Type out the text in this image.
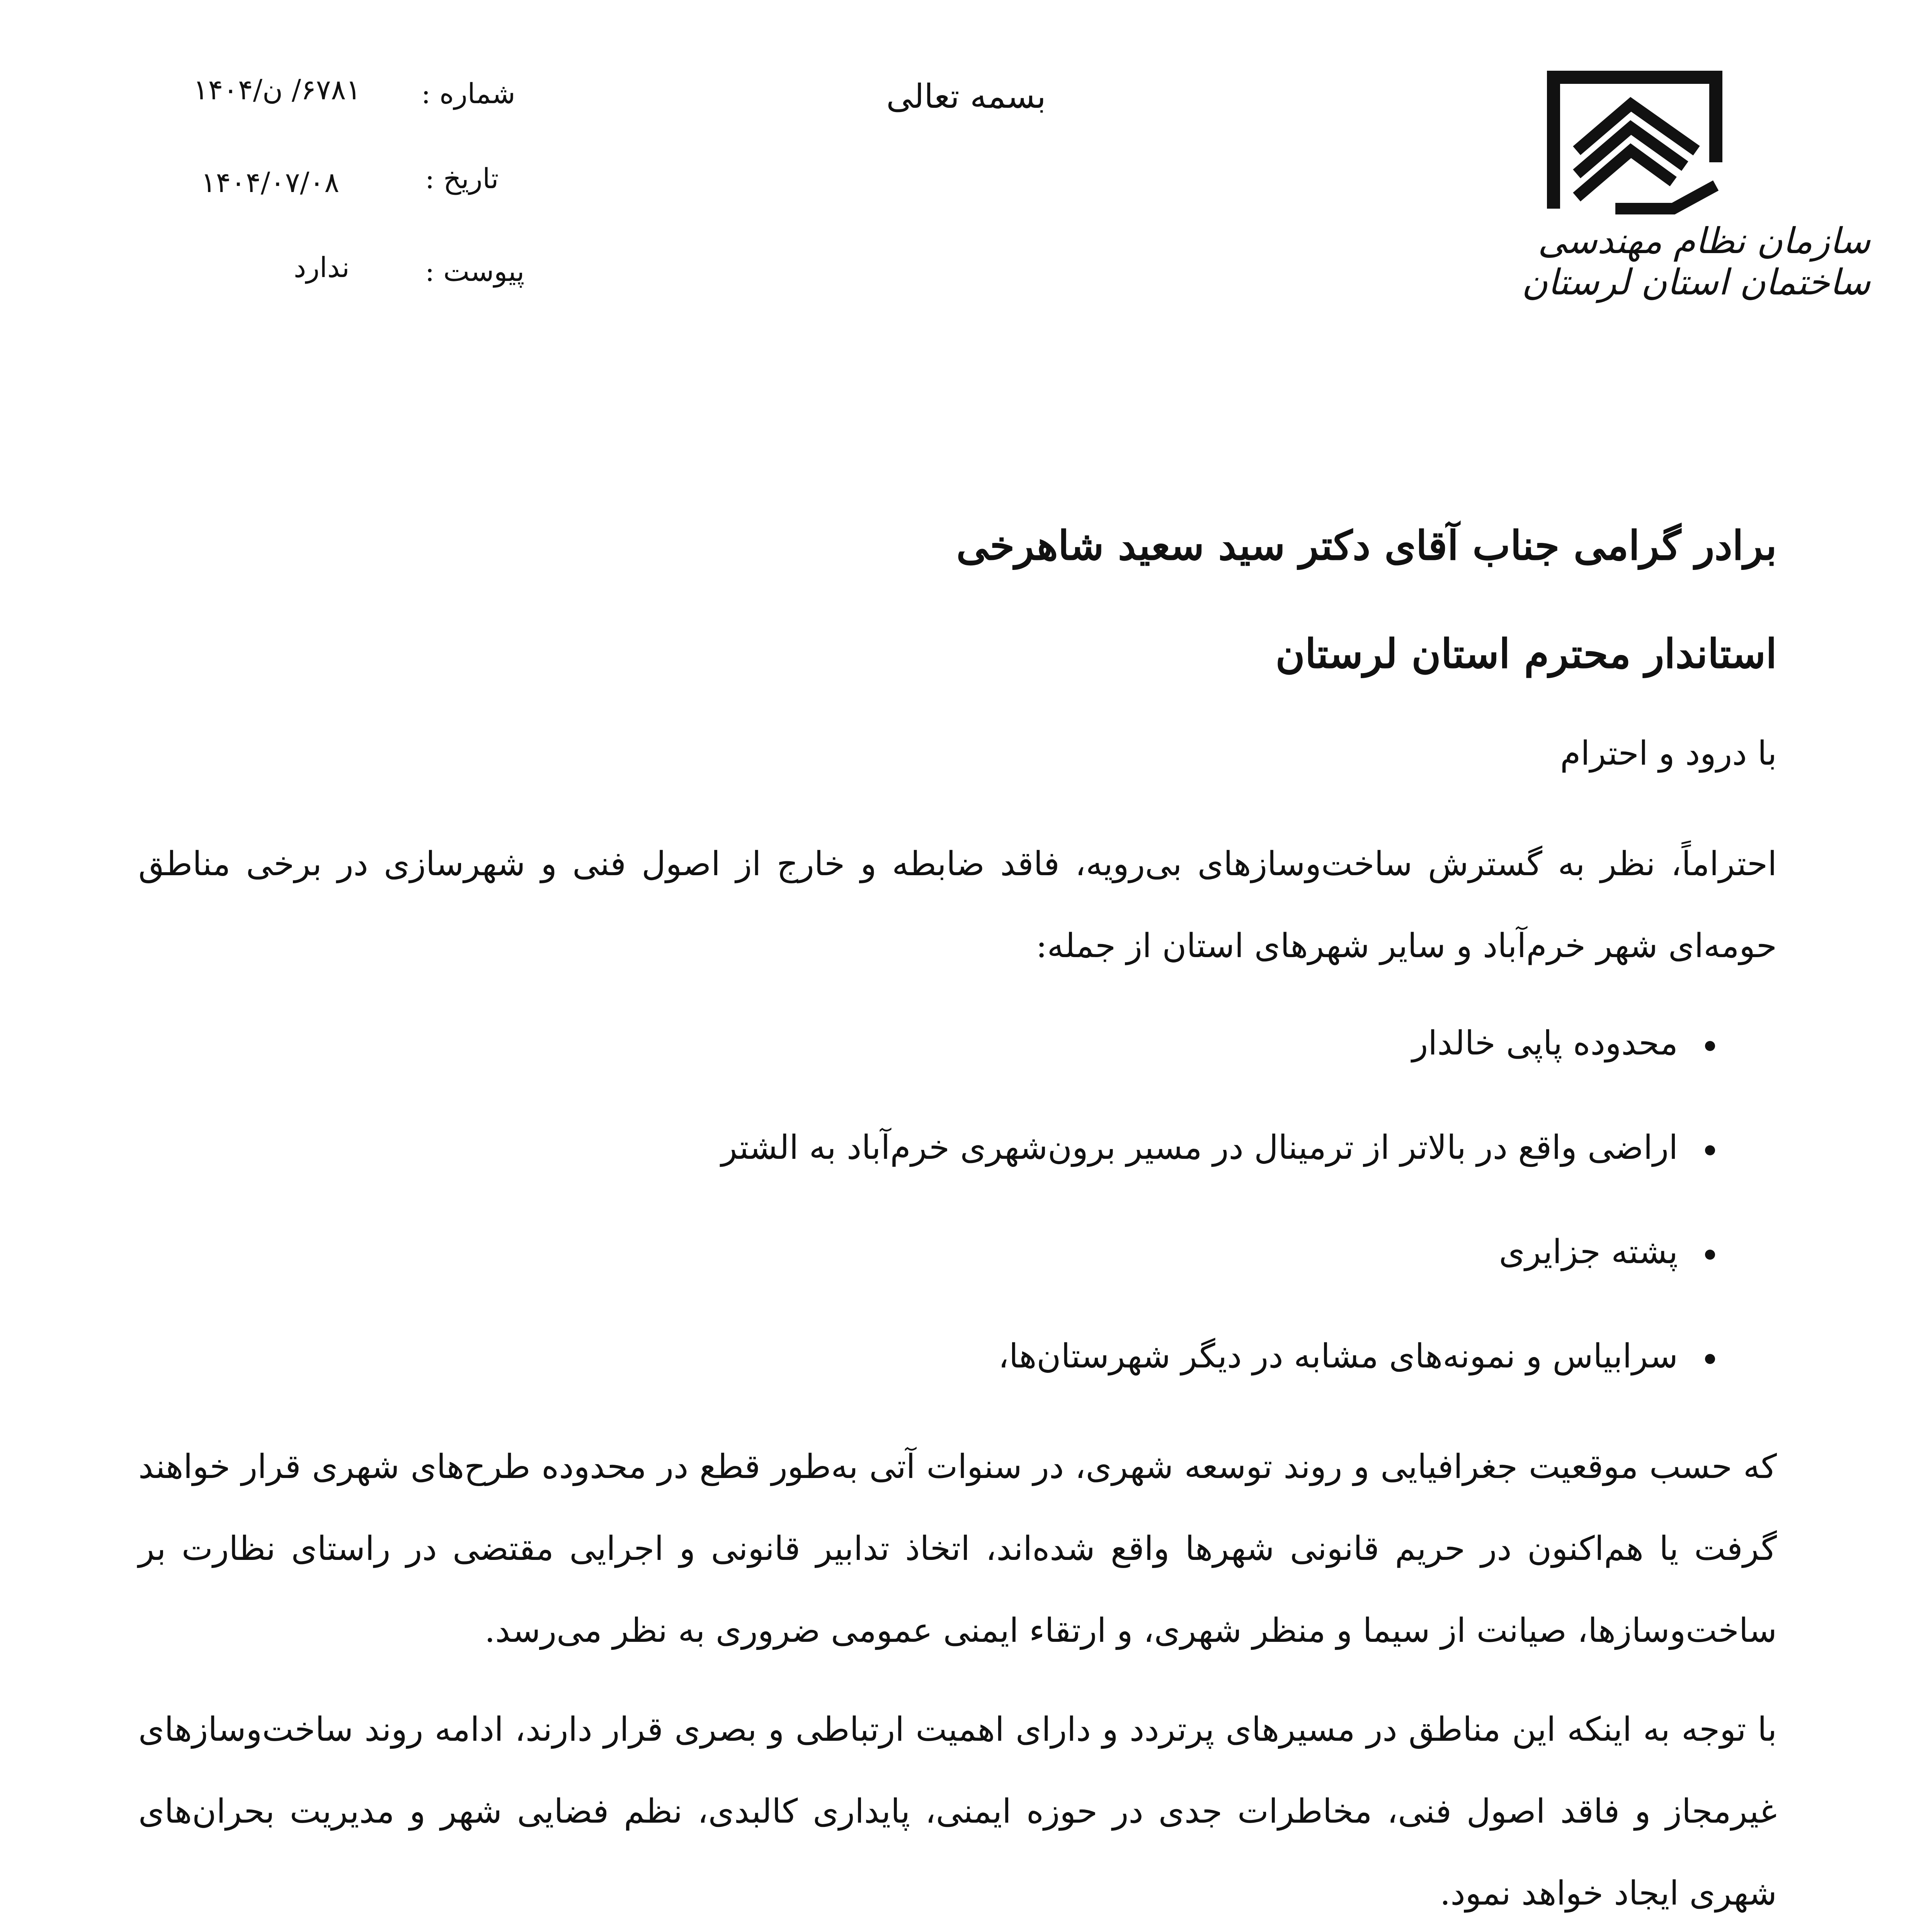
سازمان نظام مهندسی ساختمان استان لرستان
بسمه تعالی
شماره :
۶۷۸۱/ ن/۱۴۰۴
تاریخ :
۱۴۰۴/۰۷/۰۸
پیوست :
ندارد
برادر گرامی جناب آقای دکتر سید سعید شاهرخی
استاندار محترم استان لرستان
با درود و احترام
احتراماً، نظر به گسترش ساخت‌وسازهای بی‌رویه، فاقد ضابطه و خارج از اصول فنی و شهرسازی در برخی مناطق حومه‌ای شهر خرم‌آباد و سایر شهرهای استان از جمله:
محدوده پاپی خالدار
اراضی واقع در بالاتر از ترمینال در مسیر برون‌شهری خرم‌آباد به الشتر
پشته جزایری
سرابیاس و نمونه‌های مشابه در دیگر شهرستان‌ها،
که حسب موقعیت جغرافیایی و روند توسعه شهری، در سنوات آتی به‌طور قطع در محدوده طرح‌های شهری قرار خواهند گرفت یا هم‌اکنون در حریم قانونی شهرها واقع شده‌اند، اتخاذ تدابیر قانونی و اجرایی مقتضی در راستای نظارت بر ساخت‌وسازها، صیانت از سیما و منظر شهری، و ارتقاء ایمنی عمومی ضروری به نظر می‌رسد.
با توجه به اینکه این مناطق در مسیرهای پرتردد و دارای اهمیت ارتباطی و بصری قرار دارند، ادامه روند ساخت‌وسازهای غیرمجاز و فاقد اصول فنی، مخاطرات جدی در حوزه ایمنی، پایداری کالبدی، نظم فضایی شهر و مدیریت بحران‌های شهری ایجاد خواهد نمود.
